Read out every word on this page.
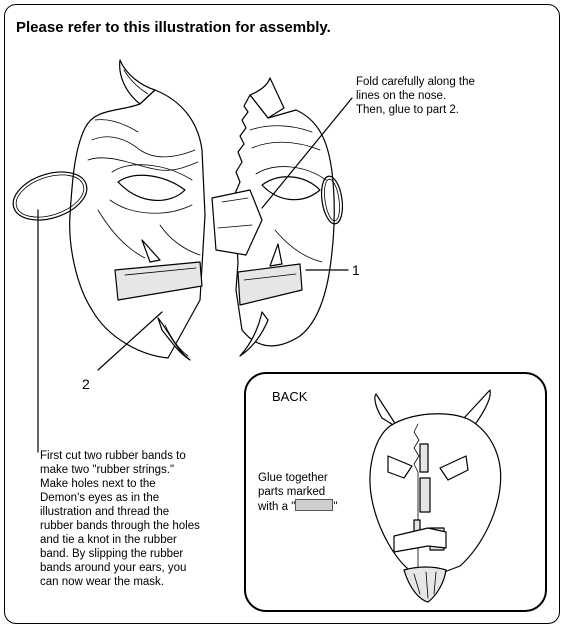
Please refer to this illustration for assembly.
Fold carefully along the
lines on the nose.
Then, glue to part 2.
1
2
First cut two rubber bands to
make two "rubber strings."
Make holes next to the
Demon's eyes as in the
illustration and thread the
rubber bands through the holes
and tie a knot in the rubber
band. By slipping the rubber
bands around your ears, you
can now wear the mask.
BACK
Glue together
parts marked
with a "	"
